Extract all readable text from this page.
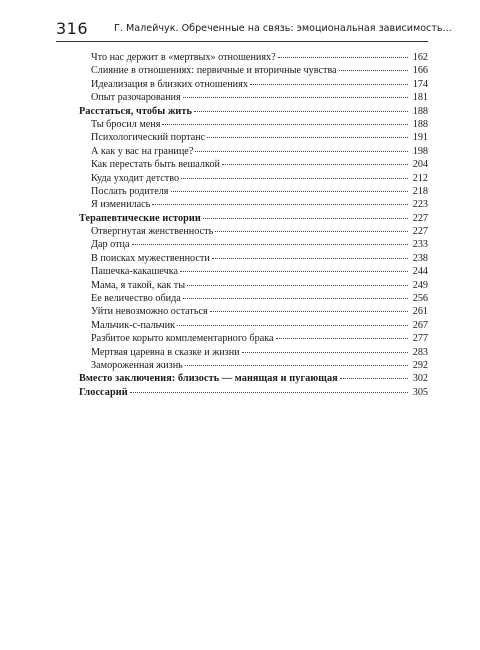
316	Г. Малейчук. Обреченные на связь: эмоциональная зависимость...
Что нас держит в «мертвых» отношениях?	162
Слияние в отношениях: первичные и вторичные чувства	166
Идеализация в близких отношениях	174
Опыт разочарования	181
Расстаться, чтобы жить	188
Ты бросил меня	188
Психологический портанс	191
А как у вас на границе?	198
Как перестать быть вешалкой	204
Куда уходит детство	212
Послать родителя	218
Я изменилась	223
Терапевтические истории	227
Отвергнутая женственность	227
Дар отца	233
В поисках мужественности	238
Пашечка-какашечка	244
Мама, я такой, как ты	249
Ее величество обида	256
Уйти невозможно остаться	261
Мальчик-с-пальчик	267
Разбитое корыто комплементарного брака	277
Мертвая царевна в сказке и жизни	283
Замороженная жизнь	292
Вместо заключения: близость — манящая и пугающая	302
Глоссарий	305
